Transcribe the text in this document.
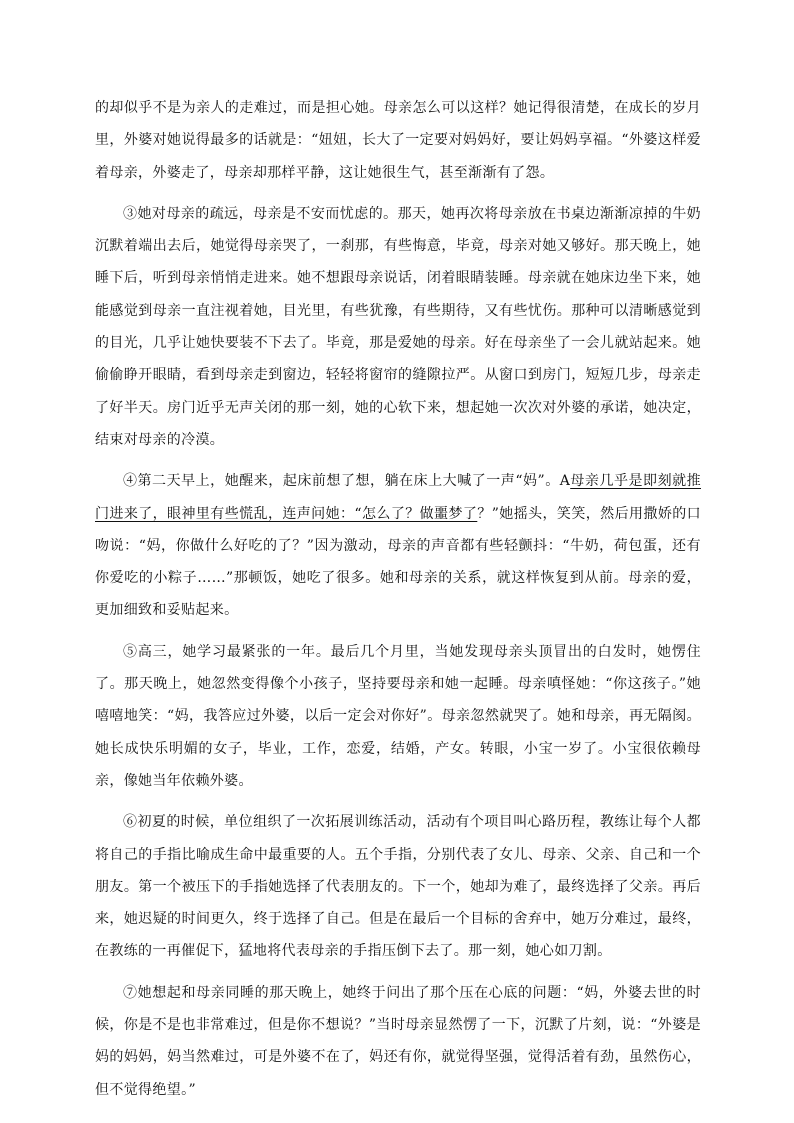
的却似乎不是为亲人的走难过，而是担心她。母亲怎么可以这样？她记得很清楚，在成长的岁月里，外婆对她说得最多的话就是：“妞妞，长大了一定要对妈妈好，要让妈妈享福。“外婆这样爱着母亲，外婆走了，母亲却那样平静，这让她很生气，甚至渐渐有了怨。

③她对母亲的疏远，母亲是不安而忧虑的。那天，她再次将母亲放在书桌边渐渐凉掉的牛奶沉默着端出去后，她觉得母亲哭了，一刹那，有些悔意，毕竟，母亲对她又够好。那天晚上，她睡下后，听到母亲悄悄走进来。她不想跟母亲说话，闭着眼睛装睡。母亲就在她床边坐下来，她能感觉到母亲一直注视着她，目光里，有些犹豫，有些期待，又有些忧伤。那种可以清晰感觉到的目光，几乎让她快要装不下去了。毕竟，那是爱她的母亲。好在母亲坐了一会儿就站起来。她偷偷睁开眼睛，看到母亲走到窗边，轻轻将窗帘的缝隙拉严。从窗口到房门，短短几步，母亲走了好半天。房门近乎无声关闭的那一刻，她的心软下来，想起她一次次对外婆的承诺，她决定，结束对母亲的冷漠。

④第二天早上，她醒来，起床前想了想，躺在床上大喊了一声“妈”。A母亲几乎是即刻就推门进来了，眼神里有些慌乱，连声问她：“怎么了？做噩梦了？”她摇头，笑笑，然后用撒娇的口吻说：“妈，你做什么好吃的了？”因为激动，母亲的声音都有些轻颤抖：“牛奶，荷包蛋，还有你爱吃的小粽子……”那顿饭，她吃了很多。她和母亲的关系，就这样恢复到从前。母亲的爱，更加细致和妥贴起来。

⑤高三，她学习最紧张的一年。最后几个月里，当她发现母亲头顶冒出的白发时，她愣住了。那天晚上，她忽然变得像个小孩子，坚持要母亲和她一起睡。母亲嗔怪她：“你这孩子。”她嘻嘻地笑：“妈，我答应过外婆，以后一定会对你好”。母亲忽然就哭了。她和母亲，再无隔阂。她长成快乐明媚的女子，毕业，工作，恋爱，结婚，产女。转眼，小宝一岁了。小宝很依赖母亲，像她当年依赖外婆。

⑥初夏的时候，单位组织了一次拓展训练活动，活动有个项目叫心路历程，教练让每个人都将自己的手指比喻成生命中最重要的人。五个手指，分别代表了女儿、母亲、父亲、自己和一个朋友。第一个被压下的手指她选择了代表朋友的。下一个，她却为难了，最终选择了父亲。再后来，她迟疑的时间更久，终于选择了自己。但是在最后一个目标的舍弃中，她万分难过，最终，在教练的一再催促下，猛地将代表母亲的手指压倒下去了。那一刻，她心如刀割。

⑦她想起和母亲同睡的那天晚上，她终于问出了那个压在心底的问题：“妈，外婆去世的时候，你是不是也非常难过，但是你不想说？”当时母亲显然愣了一下，沉默了片刻，说：“外婆是妈的妈妈，妈当然难过，可是外婆不在了，妈还有你，就觉得坚强，觉得活着有劲，虽然伤心，但不觉得绝望。”
